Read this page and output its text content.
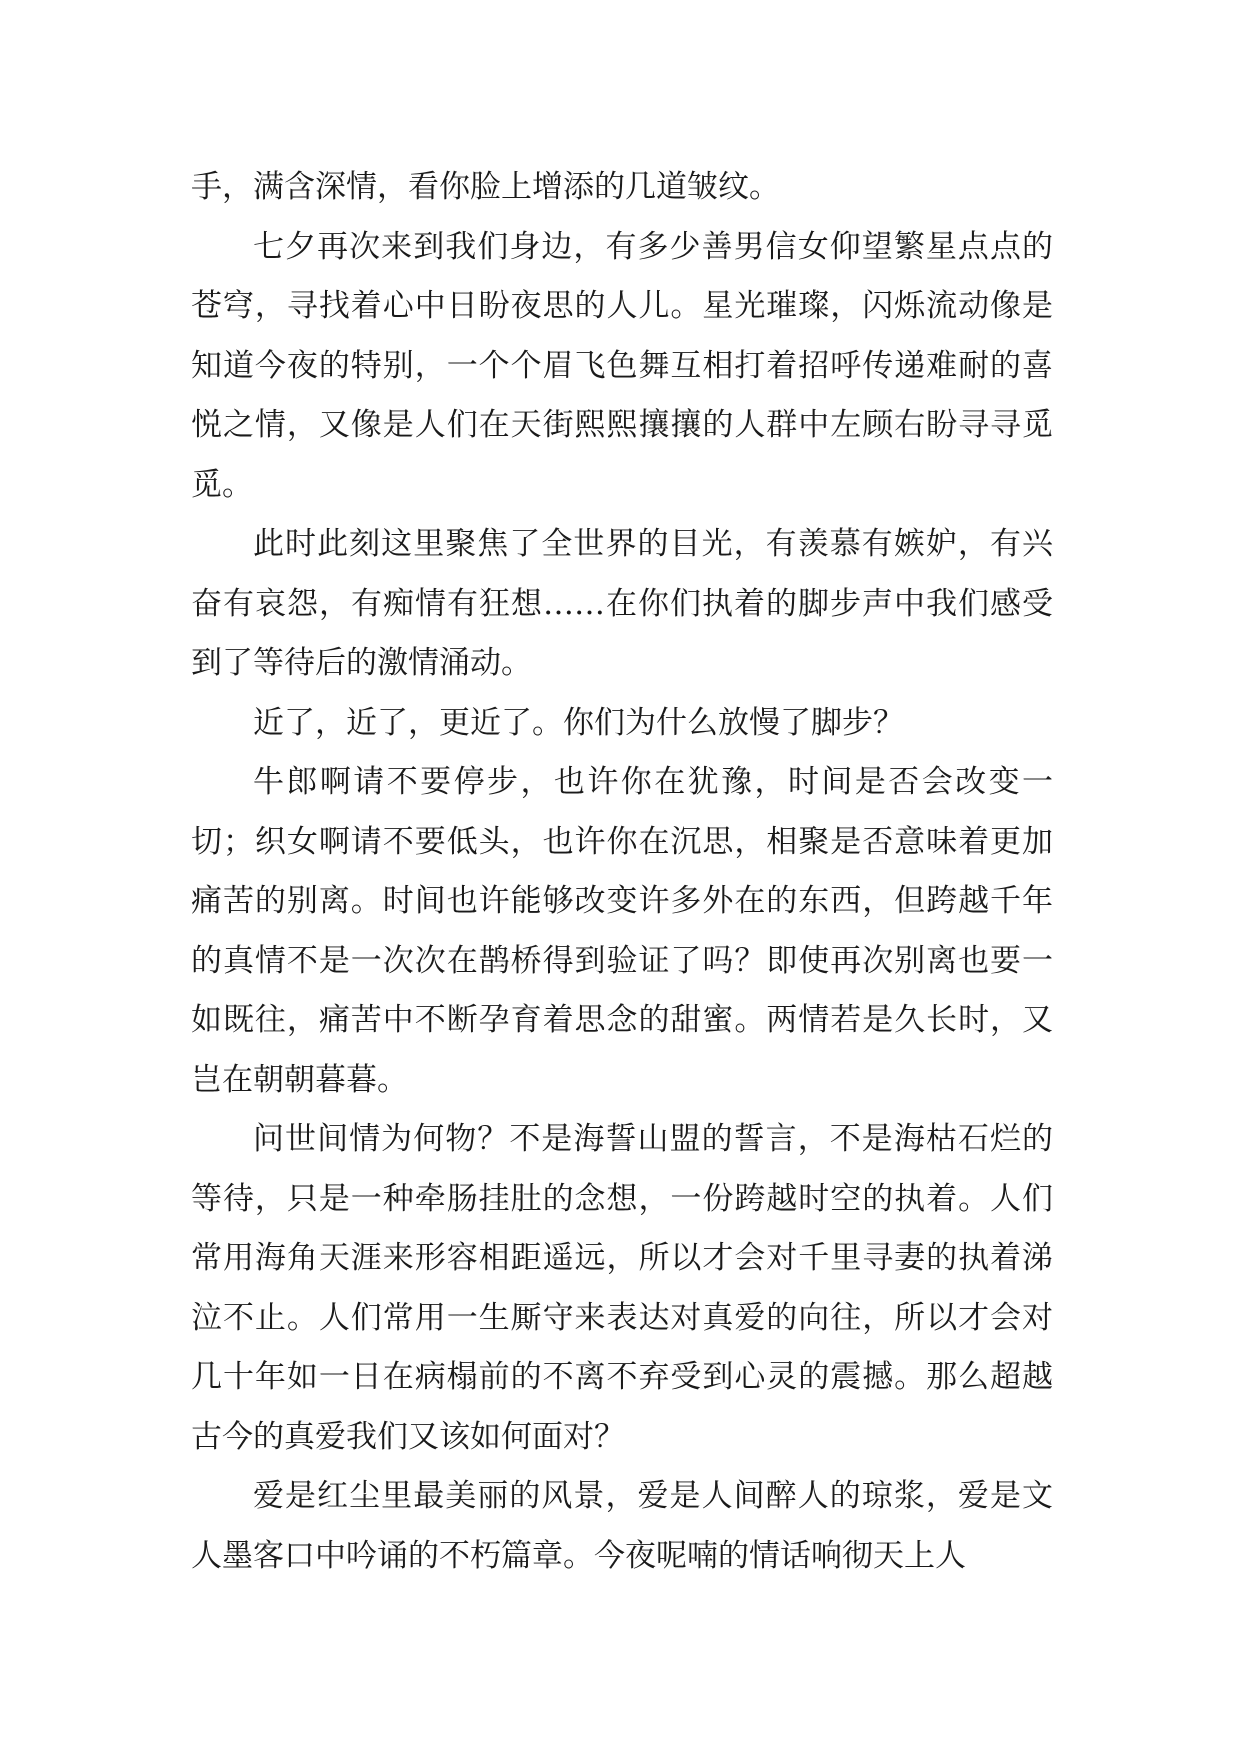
手，满含深情，看你脸上增添的几道皱纹。

七夕再次来到我们身边，有多少善男信女仰望繁星点点的苍穹，寻找着心中日盼夜思的人儿。星光璀璨，闪烁流动像是知道今夜的特别，一个个眉飞色舞互相打着招呼传递难耐的喜悦之情，又像是人们在天街熙熙攘攘的人群中左顾右盼寻寻觅觅。

此时此刻这里聚焦了全世界的目光，有羡慕有嫉妒，有兴奋有哀怨，有痴情有狂想……在你们执着的脚步声中我们感受到了等待后的激情涌动。

近了，近了，更近了。你们为什么放慢了脚步？

牛郎啊请不要停步，也许你在犹豫，时间是否会改变一切；织女啊请不要低头，也许你在沉思，相聚是否意味着更加痛苦的别离。时间也许能够改变许多外在的东西，但跨越千年的真情不是一次次在鹊桥得到验证了吗？即使再次别离也要一如既往，痛苦中不断孕育着思念的甜蜜。两情若是久长时，又岂在朝朝暮暮。

问世间情为何物？不是海誓山盟的誓言，不是海枯石烂的等待，只是一种牵肠挂肚的念想，一份跨越时空的执着。人们常用海角天涯来形容相距遥远，所以才会对千里寻妻的执着涕泣不止。人们常用一生厮守来表达对真爱的向往，所以才会对几十年如一日在病榻前的不离不弃受到心灵的震撼。那么超越古今的真爱我们又该如何面对？

爱是红尘里最美丽的风景，爱是人间醉人的琼浆，爱是文人墨客口中吟诵的不朽篇章。今夜呢喃的情话响彻天上人
